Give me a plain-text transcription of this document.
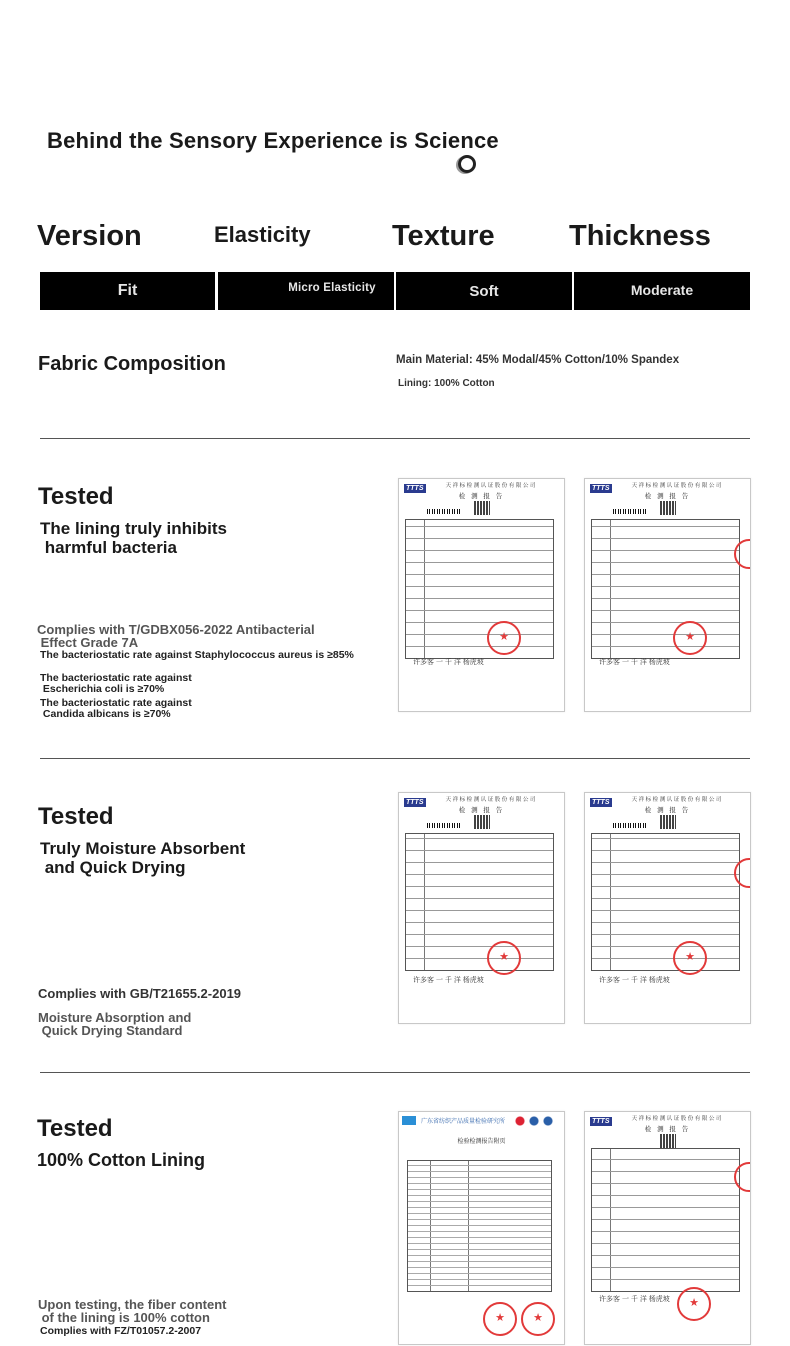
Behind the Sensory Experience is Science
Version	Elasticity	Texture	Thickness
Fit	Micro Elasticity	Soft	Moderate
Fabric Composition	Main Material: 45% Modal/45% Cotton/10% Spandex
Lining: 100% Cotton
Tested
The lining truly inhibits
harmful bacteria
Complies with T/GDBX056-2022 Antibacterial
Effect Grade 7A
The bacteriostatic rate against Staphylococcus aureus is ≥85%
The bacteriostatic rate against
Escherichia coli is ≥70%
The bacteriostatic rate against
Candida albicans is ≥70%
TTTS	天 祥 标 检 测 认 证 股 份 有 限 公 司
检 测 报 告
★
许多客 一 千 洋 杨虎坡
TTTS	天 祥 标 检 测 认 证 股 份 有 限 公 司
检 测 报 告
★
许多客 一 千 洋 杨虎坡
Tested
Truly Moisture Absorbent
and Quick Drying
Complies with GB/T21655.2-2019
Moisture Absorption and
Quick Drying Standard
TTTS	天 祥 标 检 测 认 证 股 份 有 限 公 司
检 测 报 告
★
许多客 一 千 洋 杨虎坡
TTTS	天 祥 标 检 测 认 证 股 份 有 限 公 司
检 测 报 告
★
许多客 一 千 洋 杨虎坡
Tested
100% Cotton Lining
Upon testing, the fiber content
of the lining is 100% cotton
Complies with FZ/T01057.2-2007
广东省纺织产品质量检验研究所
检验检测报告附页
★
★
TTTS	天 祥 标 检 测 认 证 股 份 有 限 公 司
检 测 报 告
★
许多客 一 千 洋 杨虎坡
